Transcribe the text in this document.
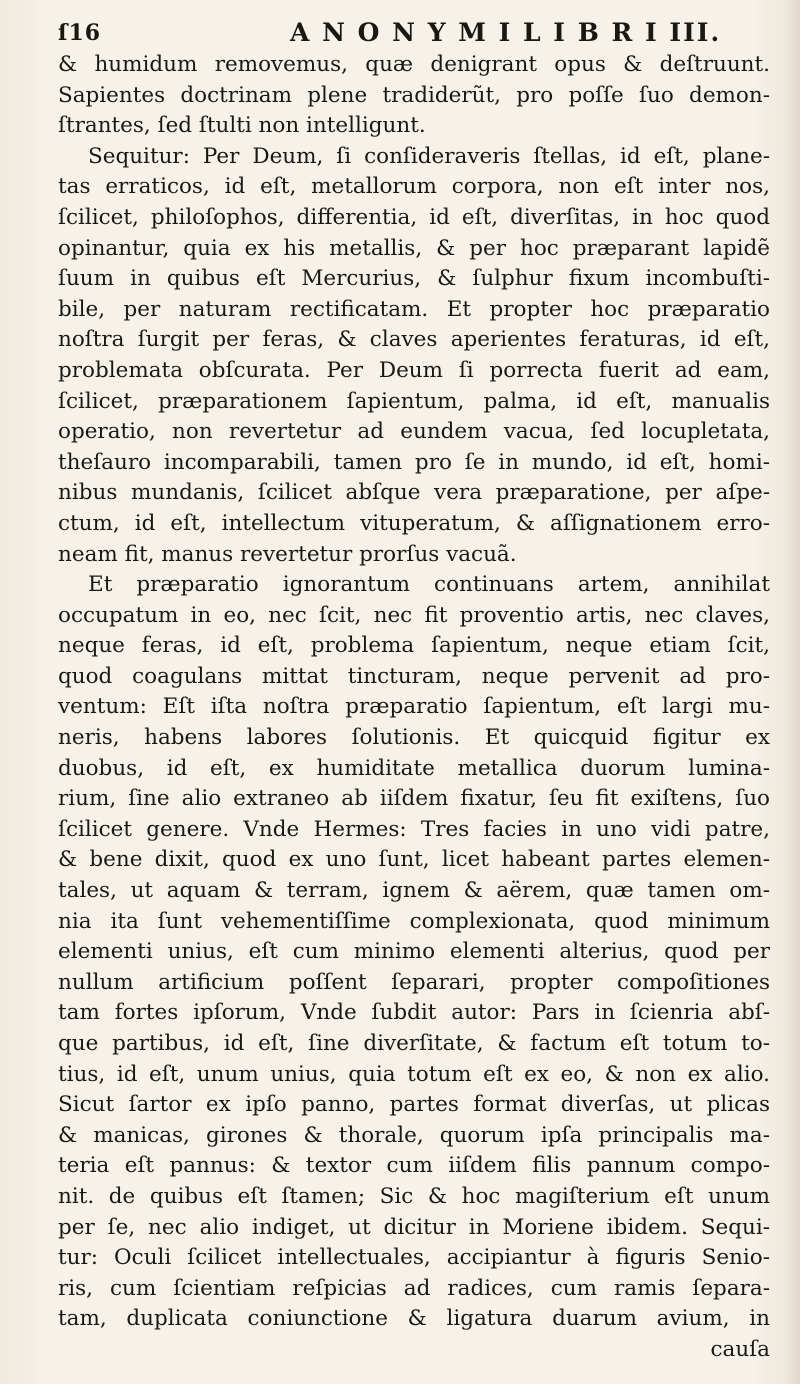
ſ16	A N O N Y M I L I B R I III.
& humidum removemus, quæ denigrant opus & deſtruunt.
Sapientes doctrinam plene tradiderũt, pro poſſe ſuo demon-
ſtrantes, ſed ſtulti non intelligunt.
Sequitur: Per Deum, ſi conſideraveris ſtellas, id eſt, plane-
tas erraticos, id eſt, metallorum corpora, non eſt inter nos,
ſcilicet, philoſophos, differentia, id eſt, diverſitas, in hoc quod
opinantur, quia ex his metallis, & per hoc præparant lapidẽ
ſuum in quibus eſt Mercurius, & ſulphur fixum incombuſti-
bile, per naturam rectificatam. Et propter hoc præparatio
noſtra ſurgit per feras, & claves aperientes feraturas, id eſt,
problemata obſcurata. Per Deum ſi porrecta fuerit ad eam,
ſcilicet, præparationem ſapientum, palma, id eſt, manualis
operatio, non revertetur ad eundem vacua, ſed locupletata,
theſauro incomparabili, tamen pro ſe in mundo, id eſt, homi-
nibus mundanis, ſcilicet abſque vera præparatione, per aſpe-
ctum, id eſt, intellectum vituperatum, & aſſignationem erro-
neam fit, manus revertetur prorſus vacuã.
Et præparatio ignorantum continuans artem, annihilat
occupatum in eo, nec ſcit, nec fit proventio artis, nec claves,
neque feras, id eſt, problema ſapientum, neque etiam ſcit,
quod coagulans mittat tincturam, neque pervenit ad pro-
ventum: Eſt iſta noſtra præparatio ſapientum, eſt largi mu-
neris, habens labores ſolutionis. Et quicquid figitur ex
duobus, id eſt, ex humiditate metallica duorum lumina-
rium, ſine alio extraneo ab iiſdem fixatur, ſeu fit exiſtens, ſuo
ſcilicet genere. Vnde Hermes: Tres facies in uno vidi patre,
& bene dixit, quod ex uno ſunt, licet habeant partes elemen-
tales, ut aquam & terram, ignem & aërem, quæ tamen om-
nia ita ſunt vehementiſſime complexionata, quod minimum
elementi unius, eſt cum minimo elementi alterius, quod per
nullum artificium poſſent ſeparari, propter compoſitiones
tam fortes ipſorum, Vnde ſubdit autor: Pars in ſcienria abſ-
que partibus, id eſt, ſine diverſitate, & factum eſt totum to-
tius, id eſt, unum unius, quia totum eſt ex eo, & non ex alio.
Sicut ſartor ex ipſo panno, partes format diverſas, ut plicas
& manicas, girones & thorale, quorum ipſa principalis ma-
teria eſt pannus: & textor cum iiſdem filis pannum compo-
nit. de quibus eſt ſtamen; Sic & hoc magiſterium eſt unum
per ſe, nec alio indiget, ut dicitur in Moriene ibidem. Sequi-
tur: Oculi ſcilicet intellectuales, accipiantur à figuris Senio-
ris, cum ſcientiam reſpicias ad radices, cum ramis ſepara-
tam, duplicata coniunctione & ligatura duarum avium, in
cauſa
